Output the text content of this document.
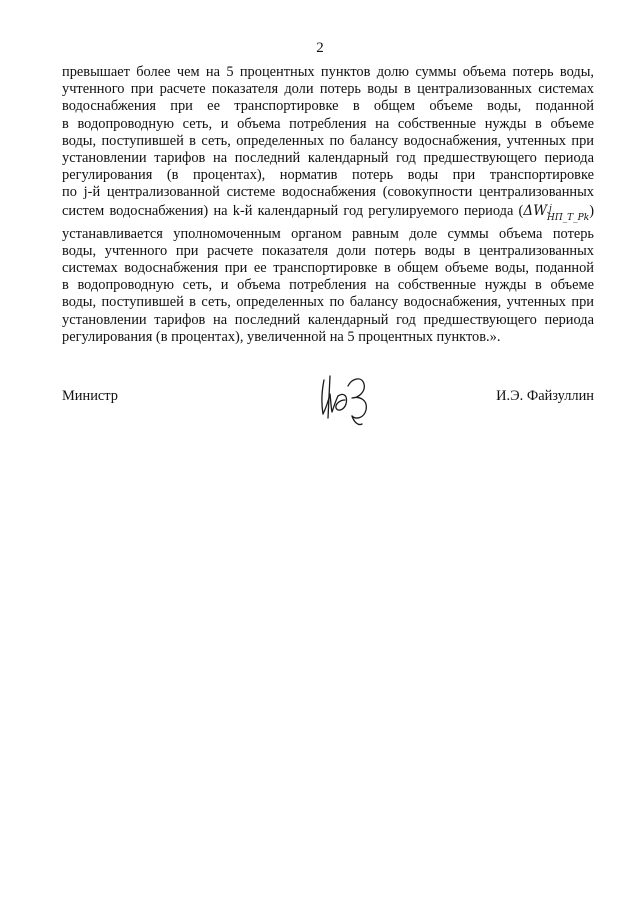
2
превышает более чем на 5 процентных пунктов долю суммы объема потерь воды,
учтенного при расчете показателя доли потерь воды в централизованных системах
водоснабжения при ее транспортировке в общем объеме воды, поданной
в водопроводную сеть, и объема потребления на собственные нужды в объеме
воды, поступившей в сеть, определенных по балансу водоснабжения, учтенных при
установлении тарифов на последний календарный год предшествующего периода
регулирования (в процентах), норматив потерь воды при транспортировке
по j-й централизованной системе водоснабжения (совокупности централизованных
систем водоснабжения) на k-й календарный год регулируемого периода (ΔW j
НП_Т_Рk )
устанавливается уполномоченным органом равным доле суммы объема потерь
воды, учтенного при расчете показателя доли потерь воды в централизованных
системах водоснабжения при ее транспортировке в общем объеме воды, поданной
в водопроводную сеть, и объема потребления на собственные нужды в объеме
воды, поступившей в сеть, определенных по балансу водоснабжения, учтенных при
установлении тарифов на последний календарный год предшествующего периода
регулирования (в процентах), увеличенной на 5 процентных пунктов.».
Министр	И.Э. Файзуллин
